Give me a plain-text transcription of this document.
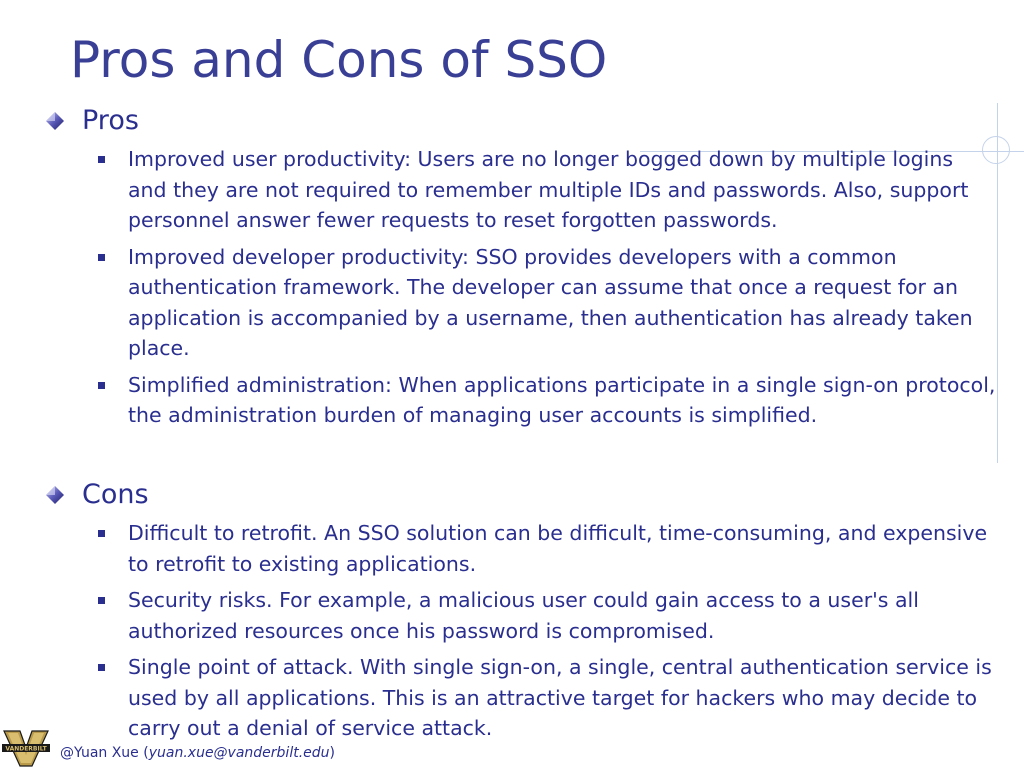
Pros and Cons of SSO
Pros
Improved user productivity: Users are no longer bogged down by multiple logins and they are not required to remember multiple IDs and passwords. Also, support personnel answer fewer requests to reset forgotten passwords.
Improved developer productivity: SSO provides developers with a common authentication framework. The developer can assume that once a request for an application is accompanied by a username, then authentication has already taken place.
Simplified administration: When applications participate in a single sign-on protocol, the administration burden of managing user accounts is simplified.
Cons
Difficult to retrofit. An SSO solution can be difficult, time-consuming, and expensive to retrofit to existing applications.
Security risks. For example, a malicious user could gain access to a user's all authorized resources once his password is compromised.
Single point of attack. With single sign-on, a single, central authentication service is used by all applications. This is an attractive target for hackers who may decide to carry out a denial of service attack.
VANDERBILT @Yuan Xue (yuan.xue@vanderbilt.edu)
